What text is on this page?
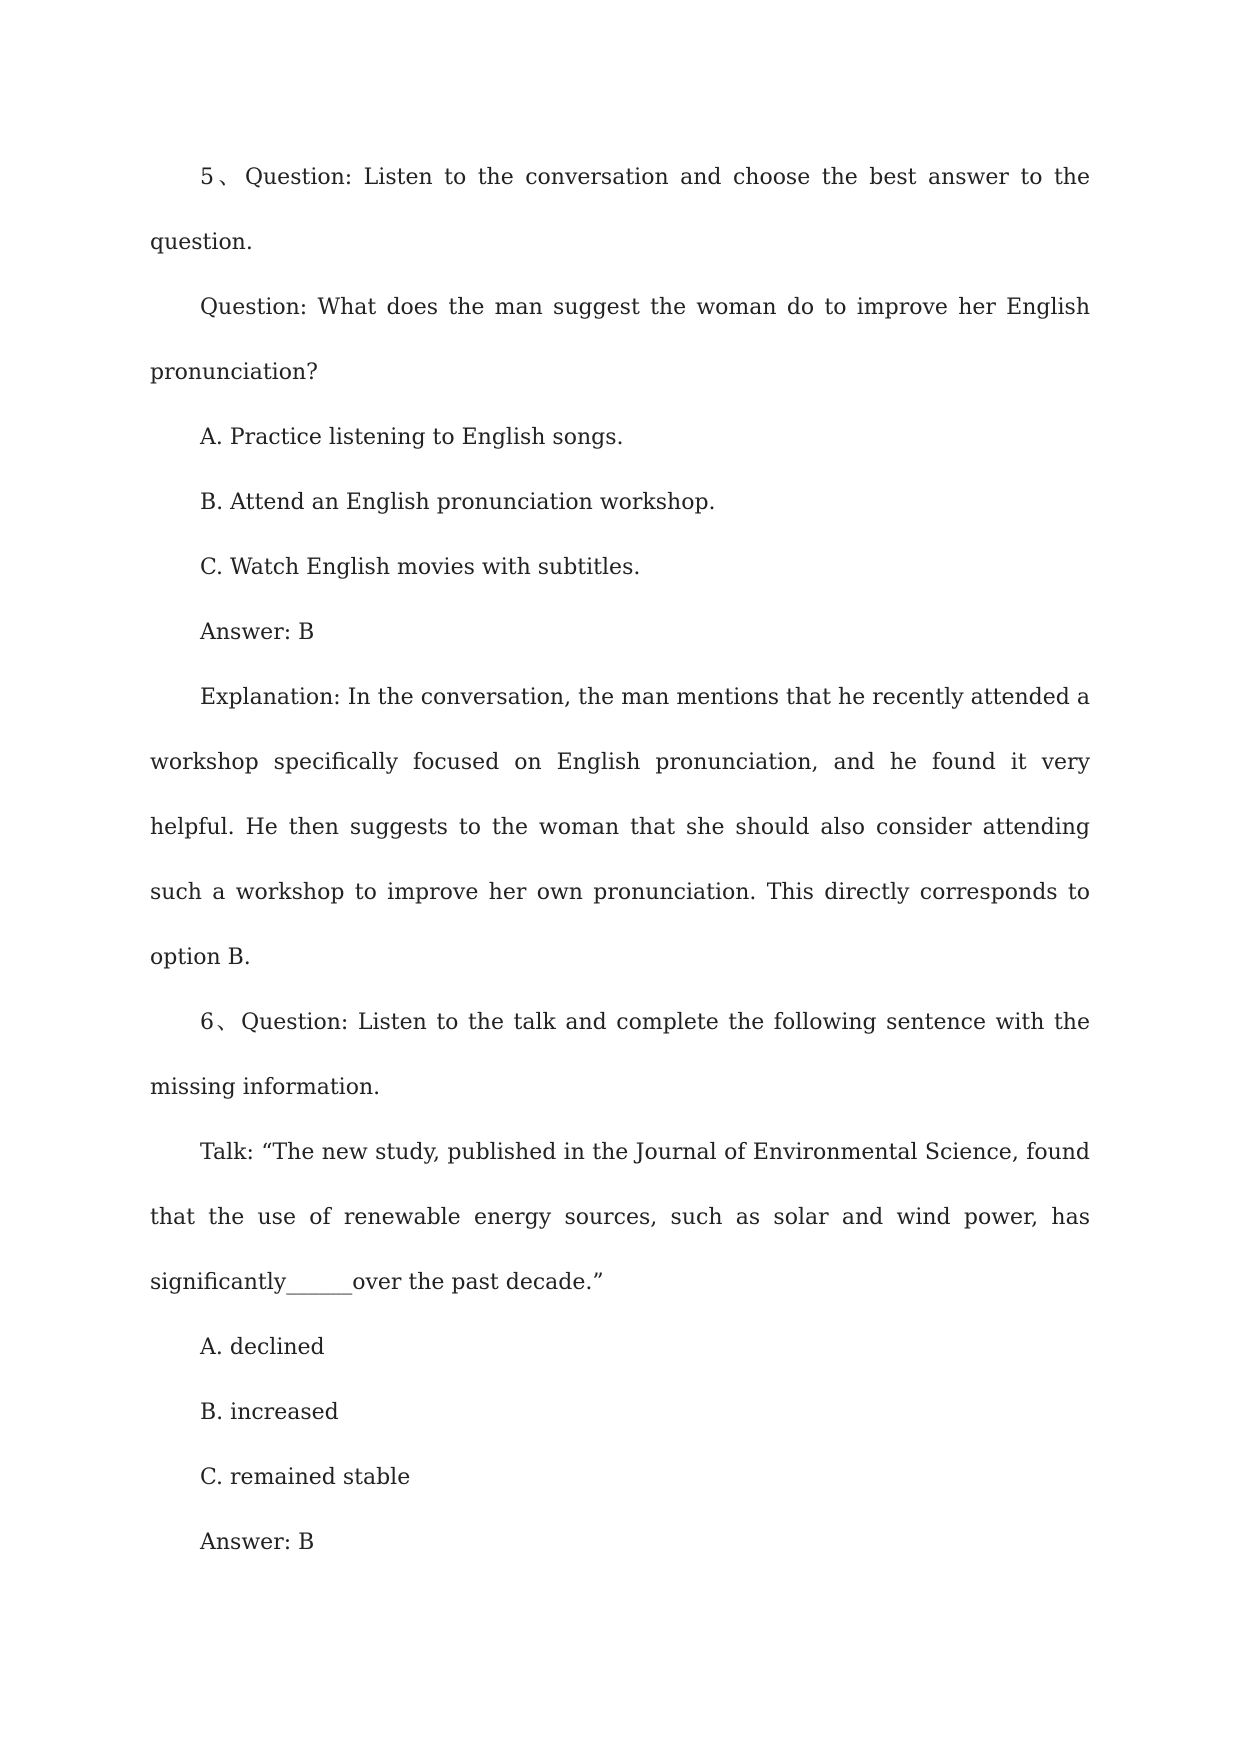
5、Question: Listen to the conversation and choose the best answer to the question.

Question: What does the man suggest the woman do to improve her English pronunciation?

A. Practice listening to English songs.

B. Attend an English pronunciation workshop.

C. Watch English movies with subtitles.

Answer: B

Explanation: In the conversation, the man mentions that he recently attended a workshop specifically focused on English pronunciation, and he found it very helpful. He then suggests to the woman that she should also consider attending such a workshop to improve her own pronunciation. This directly corresponds to option B.

6、Question: Listen to the talk and complete the following sentence with the missing information.

Talk: “The new study, published in the Journal of Environmental Science, found that the use of renewable energy sources, such as solar and wind power, has significantly______over the past decade.”

A. declined

B. increased

C. remained stable

Answer: B
